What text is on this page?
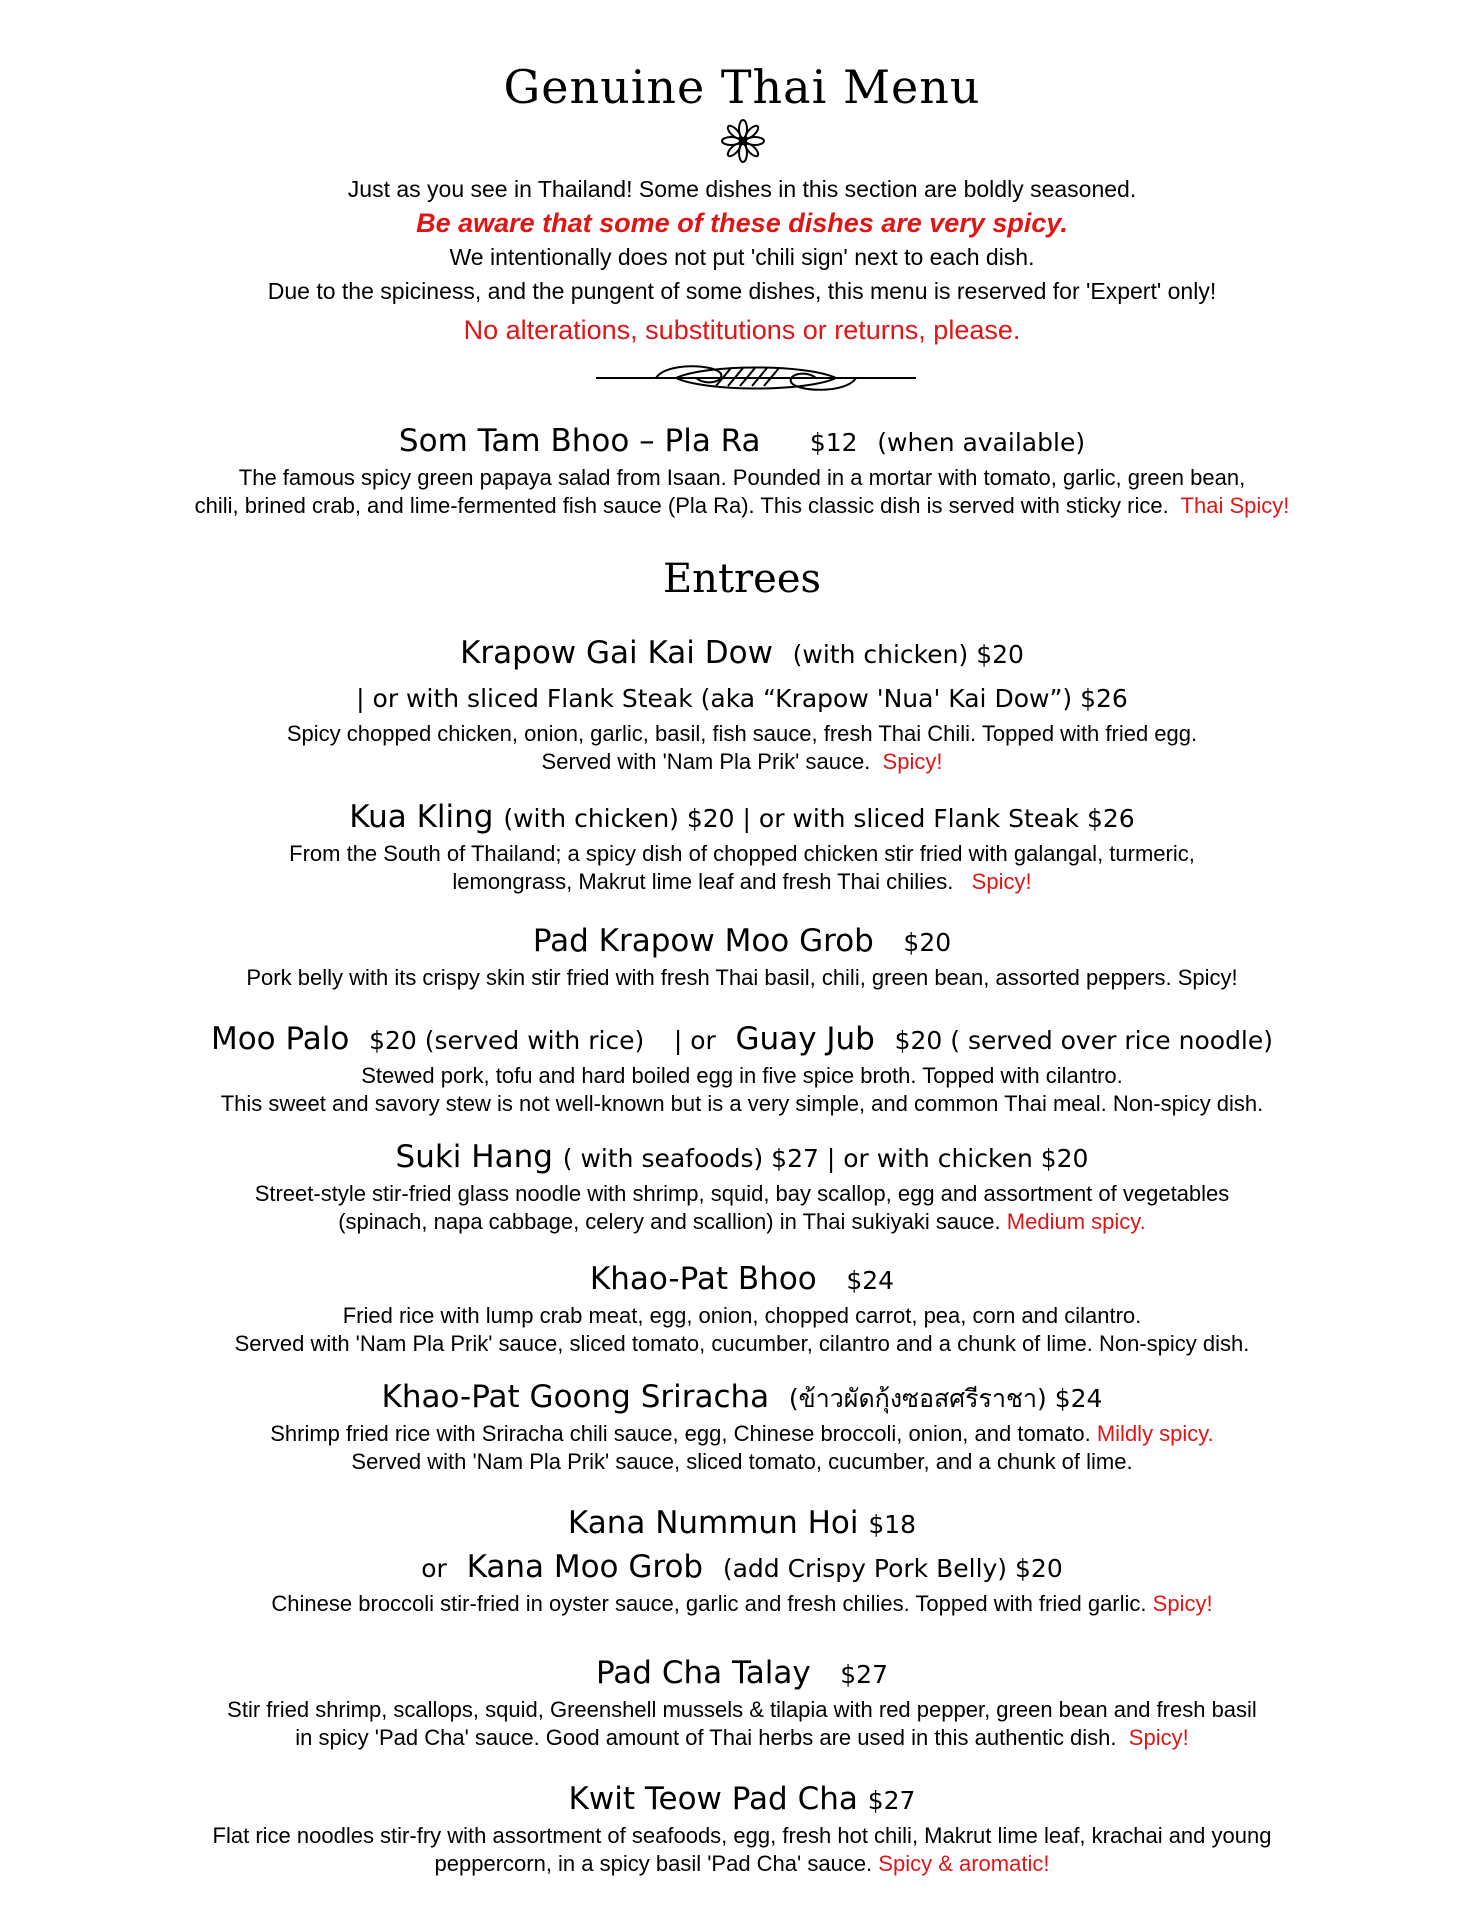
Genuine Thai Menu
Just as you see in Thailand! Some dishes in this section are boldly seasoned.
Be aware that some of these dishes are very spicy.
We intentionally does not put 'chili sign' next to each dish.
Due to the spiciness, and the pungent of some dishes, this menu is reserved for 'Expert' only!
No alterations, substitutions or returns, please.
Som Tam Bhoo – Pla Ra $12 (when available)
The famous spicy green papaya salad from Isaan. Pounded in a mortar with tomato, garlic, green bean,
chili, brined crab, and lime-fermented fish sauce (Pla Ra). This classic dish is served with sticky rice. Thai Spicy!
Entrees
Krapow Gai Kai Dow (with chicken) $20
| or with sliced Flank Steak (aka “Krapow 'Nua' Kai Dow”) $26
Spicy chopped chicken, onion, garlic, basil, fish sauce, fresh Thai Chili. Topped with fried egg.
Served with 'Nam Pla Prik' sauce. Spicy!
Kua Kling (with chicken) $20 | or with sliced Flank Steak $26
From the South of Thailand; a spicy dish of chopped chicken stir fried with galangal, turmeric,
lemongrass, Makrut lime leaf and fresh Thai chilies. Spicy!
Pad Krapow Moo Grob $20
Pork belly with its crispy skin stir fried with fresh Thai basil, chili, green bean, assorted peppers. Spicy!
Moo Palo $20 (served with rice) | or Guay Jub $20 ( served over rice noodle)
Stewed pork, tofu and hard boiled egg in five spice broth. Topped with cilantro.
This sweet and savory stew is not well-known but is a very simple, and common Thai meal. Non-spicy dish.
Suki Hang ( with seafoods) $27 | or with chicken $20
Street-style stir-fried glass noodle with shrimp, squid, bay scallop, egg and assortment of vegetables
(spinach, napa cabbage, celery and scallion) in Thai sukiyaki sauce. Medium spicy.
Khao-Pat Bhoo $24
Fried rice with lump crab meat, egg, onion, chopped carrot, pea, corn and cilantro.
Served with 'Nam Pla Prik' sauce, sliced tomato, cucumber, cilantro and a chunk of lime. Non-spicy dish.
Khao-Pat Goong Sriracha (ข้าวผัดกุ้งซอสศรีราชา) $24
Shrimp fried rice with Sriracha chili sauce, egg, Chinese broccoli, onion, and tomato. Mildly spicy.
Served with 'Nam Pla Prik' sauce, sliced tomato, cucumber, and a chunk of lime.
Kana Nummun Hoi $18
or Kana Moo Grob (add Crispy Pork Belly) $20
Chinese broccoli stir-fried in oyster sauce, garlic and fresh chilies. Topped with fried garlic. Spicy!
Pad Cha Talay $27
Stir fried shrimp, scallops, squid, Greenshell mussels & tilapia with red pepper, green bean and fresh basil
in spicy 'Pad Cha' sauce. Good amount of Thai herbs are used in this authentic dish. Spicy!
Kwit Teow Pad Cha $27
Flat rice noodles stir-fry with assortment of seafoods, egg, fresh hot chili, Makrut lime leaf, krachai and young
peppercorn, in a spicy basil 'Pad Cha' sauce. Spicy & aromatic!
